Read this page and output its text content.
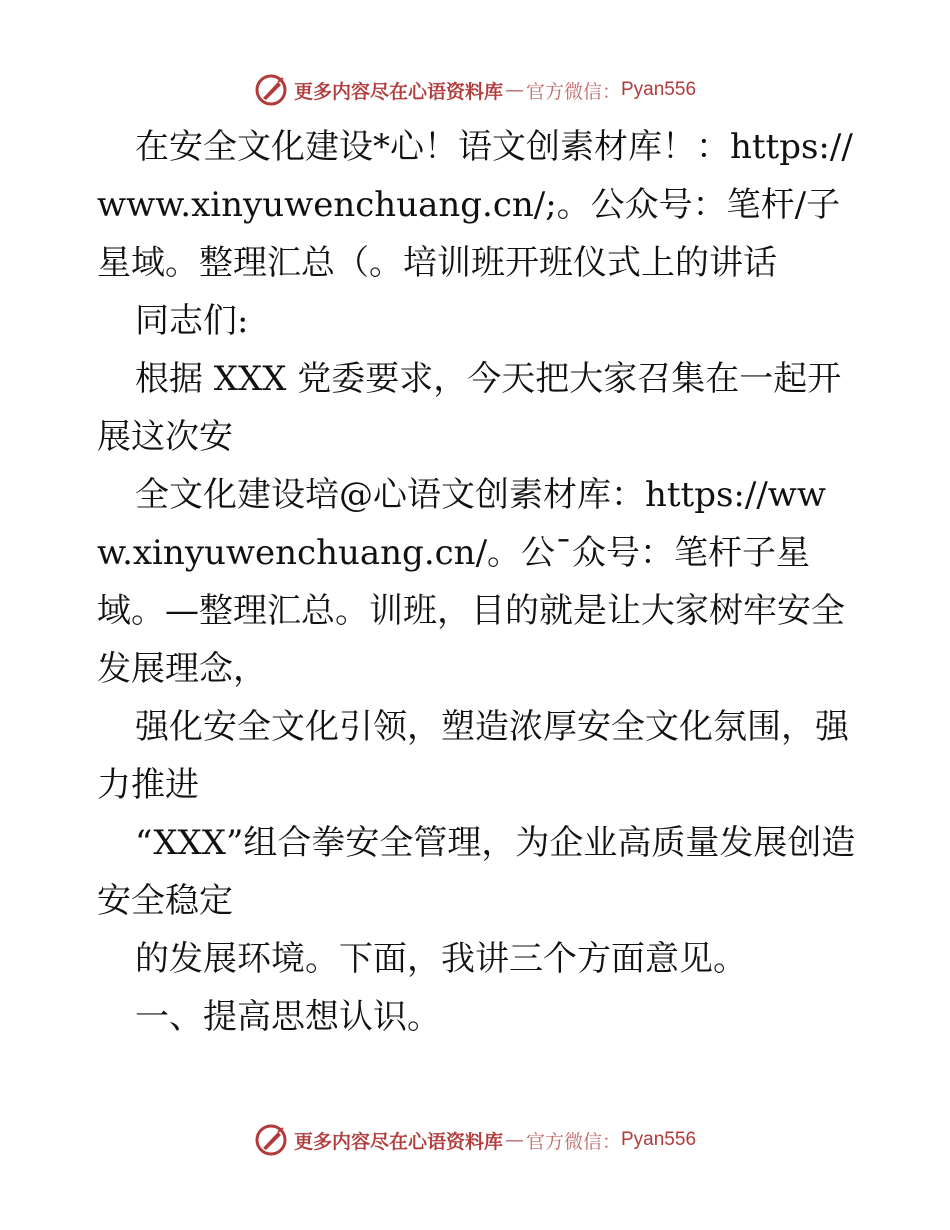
更多内容尽在心语资料库 — 官方微信： Pyan556

在安全文化建设*心！语文创素材库！：https://www.xinyuwenchuang.cn/;。公众号：笔杆/子星域。整理汇总（。培训班开班仪式上的讲话

同志们:

根据 XXX 党委要求，今天把大家召集在一起开展这次安

全文化建设培@心语文创素材库：https://www.xinyuwenchuang.cn/。公¯众号：笔杆子星域。—整理汇总。训班，目的就是让大家树牢安全发展理念，

强化安全文化引领，塑造浓厚安全文化氛围，强力推进

“XXX”组合拳安全管理，为企业高质量发展创造安全稳定

的发展环境。下面，我讲三个方面意见。

一、提高思想认识。

更多内容尽在心语资料库 — 官方微信： Pyan556
